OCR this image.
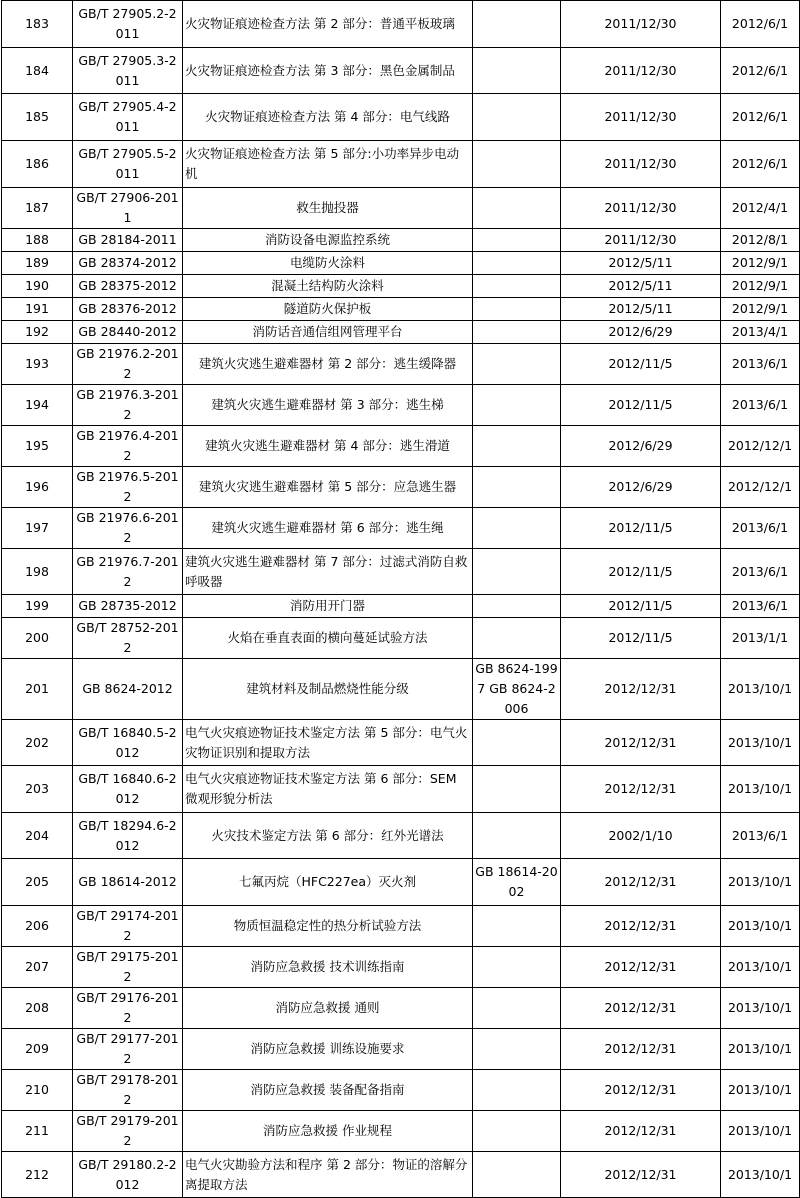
183	GB/T 27905.2-2011	火灾物证痕迹检查方法 第 2 部分：普通平板玻璃		2011/12/30	2012/6/1
184	GB/T 27905.3-2011	火灾物证痕迹检查方法 第 3 部分：黑色金属制品		2011/12/30	2012/6/1
185	GB/T 27905.4-2011	火灾物证痕迹检查方法 第 4 部分：电气线路		2011/12/30	2012/6/1
186	GB/T 27905.5-2011	火灾物证痕迹检查方法 第 5 部分:小功率异步电动机		2011/12/30	2012/6/1
187	GB/T 27906-2011	救生抛投器		2011/12/30	2012/4/1
188	GB 28184-2011	消防设备电源监控系统		2011/12/30	2012/8/1
189	GB 28374-2012	电缆防火涂料		2012/5/11	2012/9/1
190	GB 28375-2012	混凝土结构防火涂料		2012/5/11	2012/9/1
191	GB 28376-2012	隧道防火保护板		2012/5/11	2012/9/1
192	GB 28440-2012	消防话音通信组网管理平台		2012/6/29	2013/4/1
193	GB 21976.2-2012	建筑火灾逃生避难器材 第 2 部分：逃生缓降器		2012/11/5	2013/6/1
194	GB 21976.3-2012	建筑火灾逃生避难器材 第 3 部分：逃生梯		2012/11/5	2013/6/1
195	GB 21976.4-2012	建筑火灾逃生避难器材 第 4 部分：逃生滑道		2012/6/29	2012/12/1
196	GB 21976.5-2012	建筑火灾逃生避难器材 第 5 部分：应急逃生器		2012/6/29	2012/12/1
197	GB 21976.6-2012	建筑火灾逃生避难器材 第 6 部分：逃生绳		2012/11/5	2013/6/1
198	GB 21976.7-2012	建筑火灾逃生避难器材 第 7 部分：过滤式消防自救呼吸器		2012/11/5	2013/6/1
199	GB 28735-2012	消防用开门器		2012/11/5	2013/6/1
200	GB/T 28752-2012	火焰在垂直表面的横向蔓延试验方法		2012/11/5	2013/1/1
201	GB 8624-2012	建筑材料及制品燃烧性能分级	GB 8624-1997 GB 8624-2006	2012/12/31	2013/10/1
202	GB/T 16840.5-2012	电气火灾痕迹物证技术鉴定方法 第 5 部分：电气火灾物证识别和提取方法		2012/12/31	2013/10/1
203	GB/T 16840.6-2012	电气火灾痕迹物证技术鉴定方法 第 6 部分：SEM 微观形貌分析法		2012/12/31	2013/10/1
204	GB/T 18294.6-2012	火灾技术鉴定方法 第 6 部分：红外光谱法		2002/1/10	2013/6/1
205	GB 18614-2012	七氟丙烷（HFC227ea）灭火剂	GB 18614-2002	2012/12/31	2013/10/1
206	GB/T 29174-2012	物质恒温稳定性的热分析试验方法		2012/12/31	2013/10/1
207	GB/T 29175-2012	消防应急救援 技术训练指南		2012/12/31	2013/10/1
208	GB/T 29176-2012	消防应急救援 通则		2012/12/31	2013/10/1
209	GB/T 29177-2012	消防应急救援 训练设施要求		2012/12/31	2013/10/1
210	GB/T 29178-2012	消防应急救援 装备配备指南		2012/12/31	2013/10/1
211	GB/T 29179-2012	消防应急救援 作业规程		2012/12/31	2013/10/1
212	GB/T 29180.2-2012	电气火灾勘验方法和程序 第 2 部分：物证的溶解分离提取方法		2012/12/31	2013/10/1
